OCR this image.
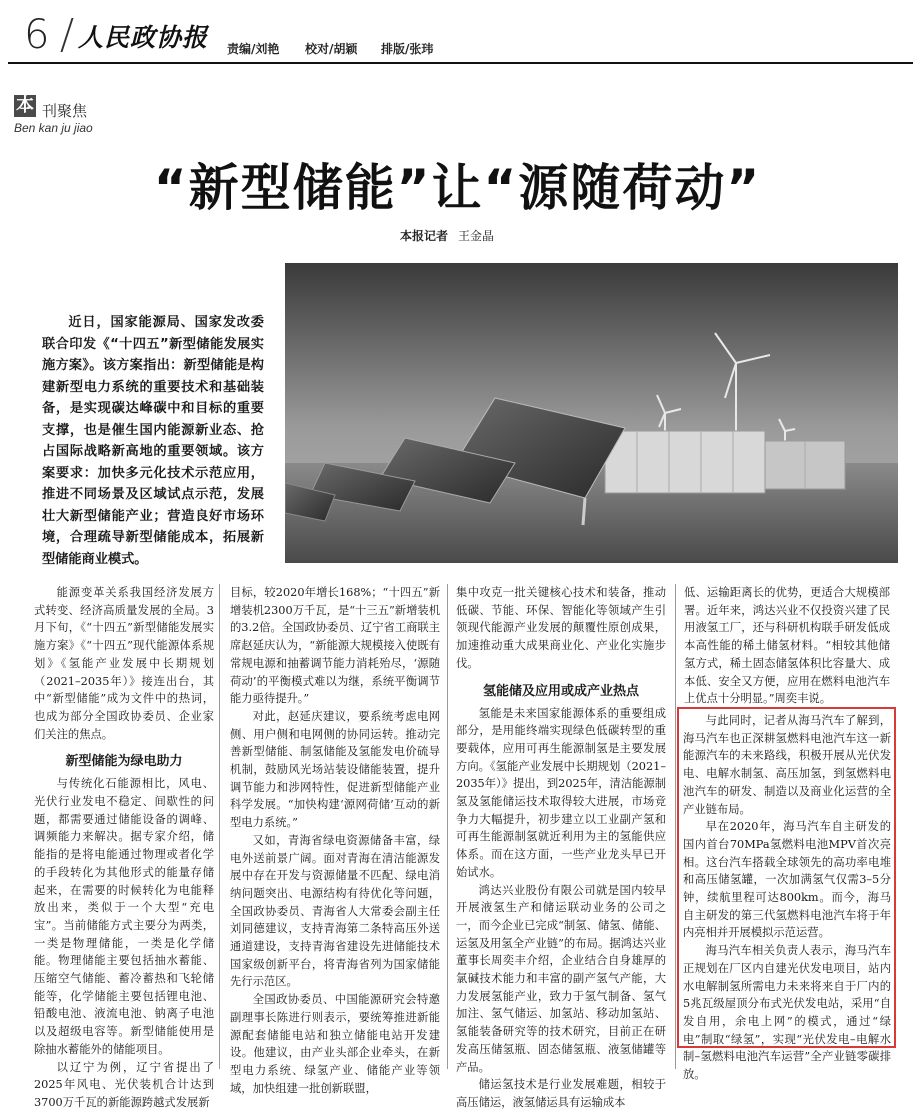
6 人民政协报 责编/刘艳 校对/胡颖 排版/张玮
本 刊聚焦
Ben kan ju jiao
“新型储能”让“源随荷动”
本报记者 王金晶
近日，国家能源局、国家发改委联合印发《“十四五”新型储能发展实施方案》。该方案指出：新型储能是构建新型电力系统的重要技术和基础装备，是实现碳达峰碳中和目标的重要支撑，也是催生国内能源新业态、抢占国际战略新高地的重要领域。该方案要求：加快多元化技术示范应用，推进不同场景及区域试点示范，发展壮大新型储能产业；营造良好市场环境，合理疏导新型储能成本，拓展新型储能商业模式。

能源变革关系我国经济发展方式转变、经济高质量发展的全局。3月下旬，《“十四五”新型储能发展实施方案》《“十四五”现代能源体系规划》《氢能产业发展中长期规划（2021–2035年）》接连出台，其中“新型储能”成为文件中的热词，也成为部分全国政协委员、企业家们关注的焦点。

新型储能为绿电助力

与传统化石能源相比，风电、光伏行业发电不稳定、间歇性的问题，都需要通过储能设备的调峰、调频能力来解决。据专家介绍，储能指的是将电能通过物理或者化学的手段转化为其他形式的能量存储起来，在需要的时候转化为电能释放出来，类似于一个大型“充电宝”。当前储能方式主要分为两类，一类是物理储能，一类是化学储能。物理储能主要包括抽水蓄能、压缩空气储能、蓄冷蓄热和飞轮储能等，化学储能主要包括锂电池、铅酸电池、液流电池、钠离子电池以及超级电容等。新型储能使用是除抽水蓄能外的储能项目。

以辽宁为例，辽宁省提出了2025年风电、光伏装机合计达到3700万千瓦的新能源跨越式发展新

目标，较2020年增长168%；“十四五”新增装机2300万千瓦，是“十三五”新增装机的3.2倍。全国政协委员、辽宁省工商联主席赵延庆认为，“新能源大规模接入使既有常规电源和抽蓄调节能力消耗殆尽，‘源随荷动’的平衡模式难以为继，系统平衡调节能力亟待提升。”

对此，赵延庆建议，要系统考虑电网侧、用户侧和电网侧的协同运转。推动完善新型储能、制氢储能及氢能发电价硫导机制，鼓励风光场站装设储能装置，提升调节能力和涉网特性，促进新型储能产业科学发展。“加快构建‘源网荷储’互动的新型电力系统。”

又如，青海省绿电资源储备丰富，绿电外送前景广阔。面对青海在清洁能源发展中存在开发与资源储量不匹配、绿电消纳问题突出、电源结构有待优化等问题，全国政协委员、青海省人大常委会副主任刘同德建议，支持青海第二条特高压外送通道建设，支持青海省建设先进储能技术国家级创新平台，将青海省列为国家储能先行示范区。

全国政协委员、中国能源研究会特邀副理事长陈进行则表示，要统筹推进新能源配套储能电站和独立储能电站开发建设。他建议，由产业头部企业牵头，在新型电力系统、绿氢产业、储能产业等领域，加快组建一批创新联盟，

集中攻克一批关键核心技术和装备，推动低碳、节能、环保、智能化等领域产生引领现代能源产业发展的颠覆性原创成果，加速推动重大成果商业化、产业化实施步伐。

氢能储及应用或成产业热点

氢能是未来国家能源体系的重要组成部分，是用能终端实现绿色低碳转型的重要载体，应用可再生能源制氢是主要发展方向。《氢能产业发展中长期规划（2021–2035年）》提出，到2025年，清洁能源制氢及氢能储运技术取得较大进展，市场竞争力大幅提升，初步建立以工业副产氢和可再生能源制氢就近利用为主的氢能供应体系。而在这方面，一些产业龙头早已开始试水。

鸿达兴业股份有限公司就是国内较早开展液氢生产和储运联动业务的公司之一，而今企业已完成“制氢、储氢、储能、运氢及用氢全产业链”的布局。据鸿达兴业董事长周奕丰介绍，企业结合自身雄厚的氯碱技术能力和丰富的副产氢气产能，大力发展氢能产业，致力于氢气制备、氢气加注、氢气储运、加氢站、移动加氢站、氢能装备研究等的技术研究，目前正在研发高压储氢瓶、固态储氢瓶、液氢储罐等产品。

储运氢技术是行业发展难题，相较于高压储运，液氢储运具有运输成本

低、运输距离长的优势，更适合大规模部署。近年来，鸿达兴业不仅投资兴建了民用液氢工厂，还与科研机构联手研发低成本高性能的稀土储氢材料。“相较其他储氢方式，稀土固态储氢体积比容量大、成本低、安全又方便，应用在燃料电池汽车上优点十分明显。”周奕丰说。

与此同时，记者从海马汽车了解到，海马汽车也正深耕氢燃料电池汽车这一新能源汽车的未来路线，积极开展从光伏发电、电解水制氢、高压加氢，到氢燃料电池汽车的研发、制造以及商业化运营的全产业链布局。

早在2020年，海马汽车自主研发的国内首台70MPa氢燃料电池MPV首次亮相。这台汽车搭载全球领先的高功率电堆和高压储氢罐，一次加满氢气仅需3–5分钟，续航里程可达800km。而今，海马自主研发的第三代氢燃料电池汽车将于年内亮相并开展模拟示范运营。

海马汽车相关负责人表示，海马汽车正规划在厂区内自建光伏发电项目，站内水电解制氢所需电力未来将来自于厂内的5兆瓦级屋顶分布式光伏发电站，采用“自发自用，余电上网”的模式，通过“绿电”制取“绿氢”，实现“光伏发电–电解水制–氢燃料电池汽车运营”全产业链零碳排放。
